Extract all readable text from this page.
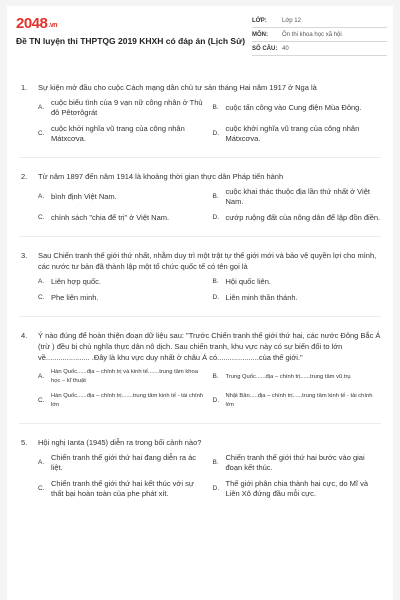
2048.vn
Đề TN luyện thi THPTQG 2019 KHXH có đáp án (Lịch Sử)
LỚP:	Lớp 12
MÔN:	Ôn thi khoa học xã hội
SỐ CÂU: 40
1.	Sự kiện mở đầu cho cuộc Cách mạng dân chủ tư sản tháng Hai năm 1917 ở Nga là
A.
cuộc biểu tình của 9 vạn nữ công nhân ở Thủ đô Pêtơrôgrát
B. cuộc tấn công vào Cung điện Mùa Đông.
C.
cuộc khởi nghĩa vũ trang của công nhân Mátxcơva.
D.
cuộc khởi nghĩa vũ trang của công nhân Mátxcơva.
2.	Từ năm 1897 đến năm 1914 là khoảng thời gian thực dân Pháp tiến hành
A. bình định Việt Nam.	B.
cuộc khai thác thuộc địa lần thứ nhất ở Việt Nam.
C. chính sách "chia để trị" ở Việt Nam.	D. cướp ruộng đất của nông dân để lập đồn điền.
3.	Sau Chiến tranh thế giới thứ nhất, nhằm duy trì một trật tự thế giới mới và bảo vệ quyền lợi cho mình, các nước tư bản đã thành lập một tổ chức quốc tế có tên gọi là
A. Liên hợp quốc.	B. Hội quốc liên.
C. Phe liên minh.	D. Liên minh thần thánh.
4.	Ý nào đúng để hoàn thiện đoạn dữ liệu sau: "Trước Chiến tranh thế giới thứ hai, các nước Đông Bắc Á (trừ ) đều bị chủ nghĩa thực dân nô dịch. Sau chiến tranh, khu vực này có sự biến đổi to lớn về..................... .Đây là khu vực duy nhất ở châu Á có....................của thế giới."
A.
Hàn Quốc......địa – chính trị và kinh tế.......trung tâm khoa học – kĩ thuật
B.	Trung Quốc......địa – chính trị......trung tâm vũ trụ
C.
Hàn Quốc......địa – chính trị.......trung tâm kinh tế - tài chính lớn
D.
Nhật Bản.....địa – chính trị......trung tâm kinh tế - tài chính lớn
5.	Hội nghị Ianta (1945) diễn ra trong bối cảnh nào?
A.
Chiến tranh thế giới thứ hai đang diễn ra ác liệt.
B.
Chiến tranh thế giới thứ hai bước vào giai đoạn kết thúc.
C.
Chiến tranh thế giới thứ hai kết thúc với sự thất bại hoàn toàn của phe phát xít.
D.
Thế giới phân chia thành hai cực, do Mĩ và Liên Xô đứng đầu mỗi cực.
